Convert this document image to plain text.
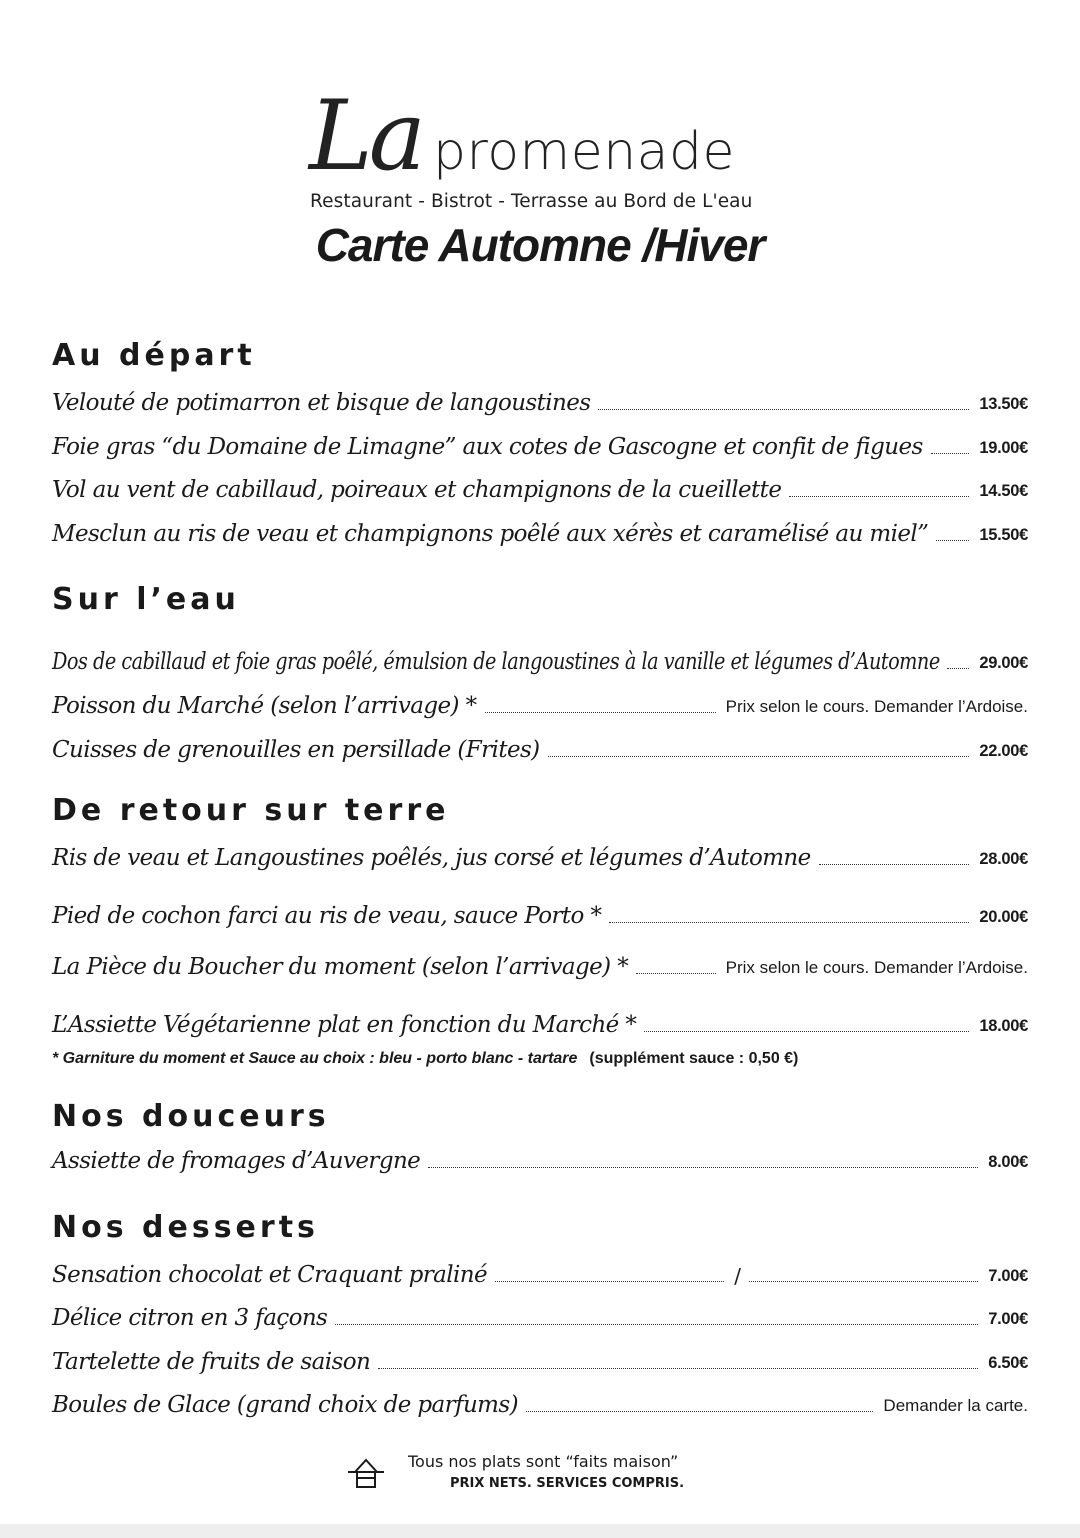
La promenade
Restaurant - Bistrot - Terrasse au Bord de L'eau
Carte Automne /Hiver
Au départ
Velouté de potimarron et bisque de langoustines	13.50€
Foie gras “du Domaine de Limagne” aux cotes de Gascogne et confit de figues	19.00€
Vol au vent de cabillaud, poireaux et champignons de la cueillette	14.50€
Mesclun au ris de veau et champignons poêlé aux xérès et caramélisé au miel”	15.50€
Sur l’eau
Dos de cabillaud et foie gras poêlé, émulsion de langoustines à la vanille et légumes d’Automne 29.00€
Poisson du Marché (selon l’arrivage) *	Prix selon le cours. Demander l’Ardoise.
Cuisses de grenouilles en persillade (Frites)	22.00€
De retour sur terre
Ris de veau et Langoustines poêlés, jus corsé et légumes d’Automne	28.00€
Pied de cochon farci au ris de veau, sauce Porto *	20.00€
La Pièce du Boucher du moment (selon l’arrivage) *	Prix selon le cours. Demander l’Ardoise.
L’Assiette Végétarienne plat en fonction du Marché *	18.00€
* Garniture du moment et Sauce au choix : bleu - porto blanc - tartare (supplément sauce : 0,50 €)
Nos douceurs
Assiette de fromages d’Auvergne	8.00€
Nos desserts
Sensation chocolat et Craquant praliné	/	7.00€
Délice citron en 3 façons	7.00€
Tartelette de fruits de saison	6.50€
Boules de Glace (grand choix de parfums)	Demander la carte.
Tous nos plats sont “faits maison”
PRIX NETS. SERVICES COMPRIS.
